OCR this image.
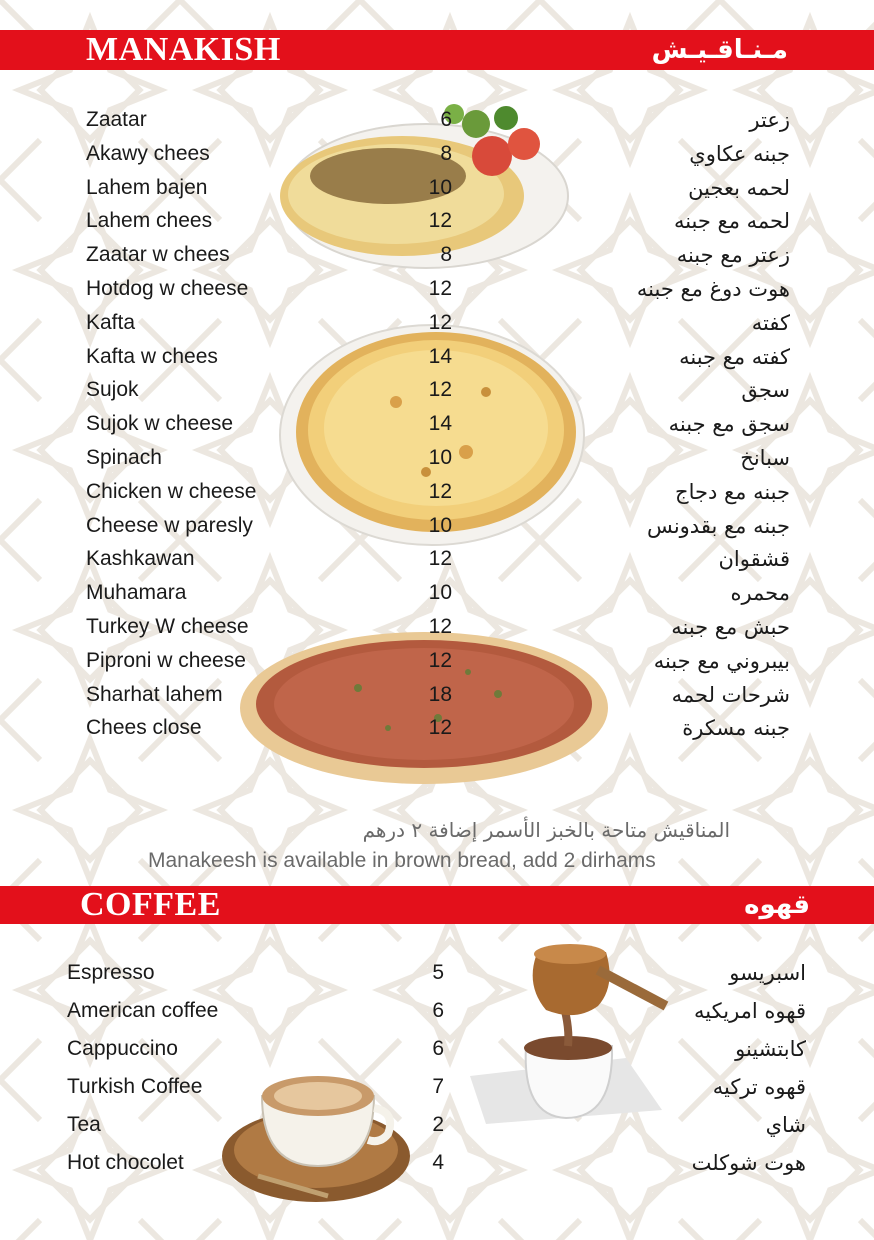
MANAKISH	مـنـاقـيـش
Zaatar	6	زعتر
Akawy chees	8	جبنه عكاوي
Lahem bajen	10	لحمه بعجين
Lahem chees	12	لحمه مع جبنه
Zaatar w chees	8	زعتر مع جبنه
Hotdog w cheese	12	هوت دوغ مع جبنه
Kafta	12	كفته
Kafta w chees	14	كفته مع جبنه
Sujok	12	سجق
Sujok w cheese	14	سجق مع جبنه
Spinach	10	سبانخ
Chicken w cheese	12	جبنه مع دجاج
Cheese w paresly	10	جبنه مع بقدونس
Kashkawan	12	قشقوان
Muhamara	10	محمره
Turkey W cheese	12	حبش مع جبنه
Pipronі w cheese	12	بيبروني مع جبنه
Sharhat lahem	18	شرحات لحمه
Chees close	12	جبنه مسكرة
المناقيش متاحة بالخبز الأسمر إضافة ٢ درهم
Manakeesh is available in brown bread, add 2 dirhams
COFFEE	قهوه
Espresso	5	اسبريسو
American coffee	6	قهوه امريكيه
Cappuccino	6	كابتشينو
Turkish Coffee	7	قهوه تركيه
Tea	2	شاي
Hot chocolet	4	هوت شوكلت
